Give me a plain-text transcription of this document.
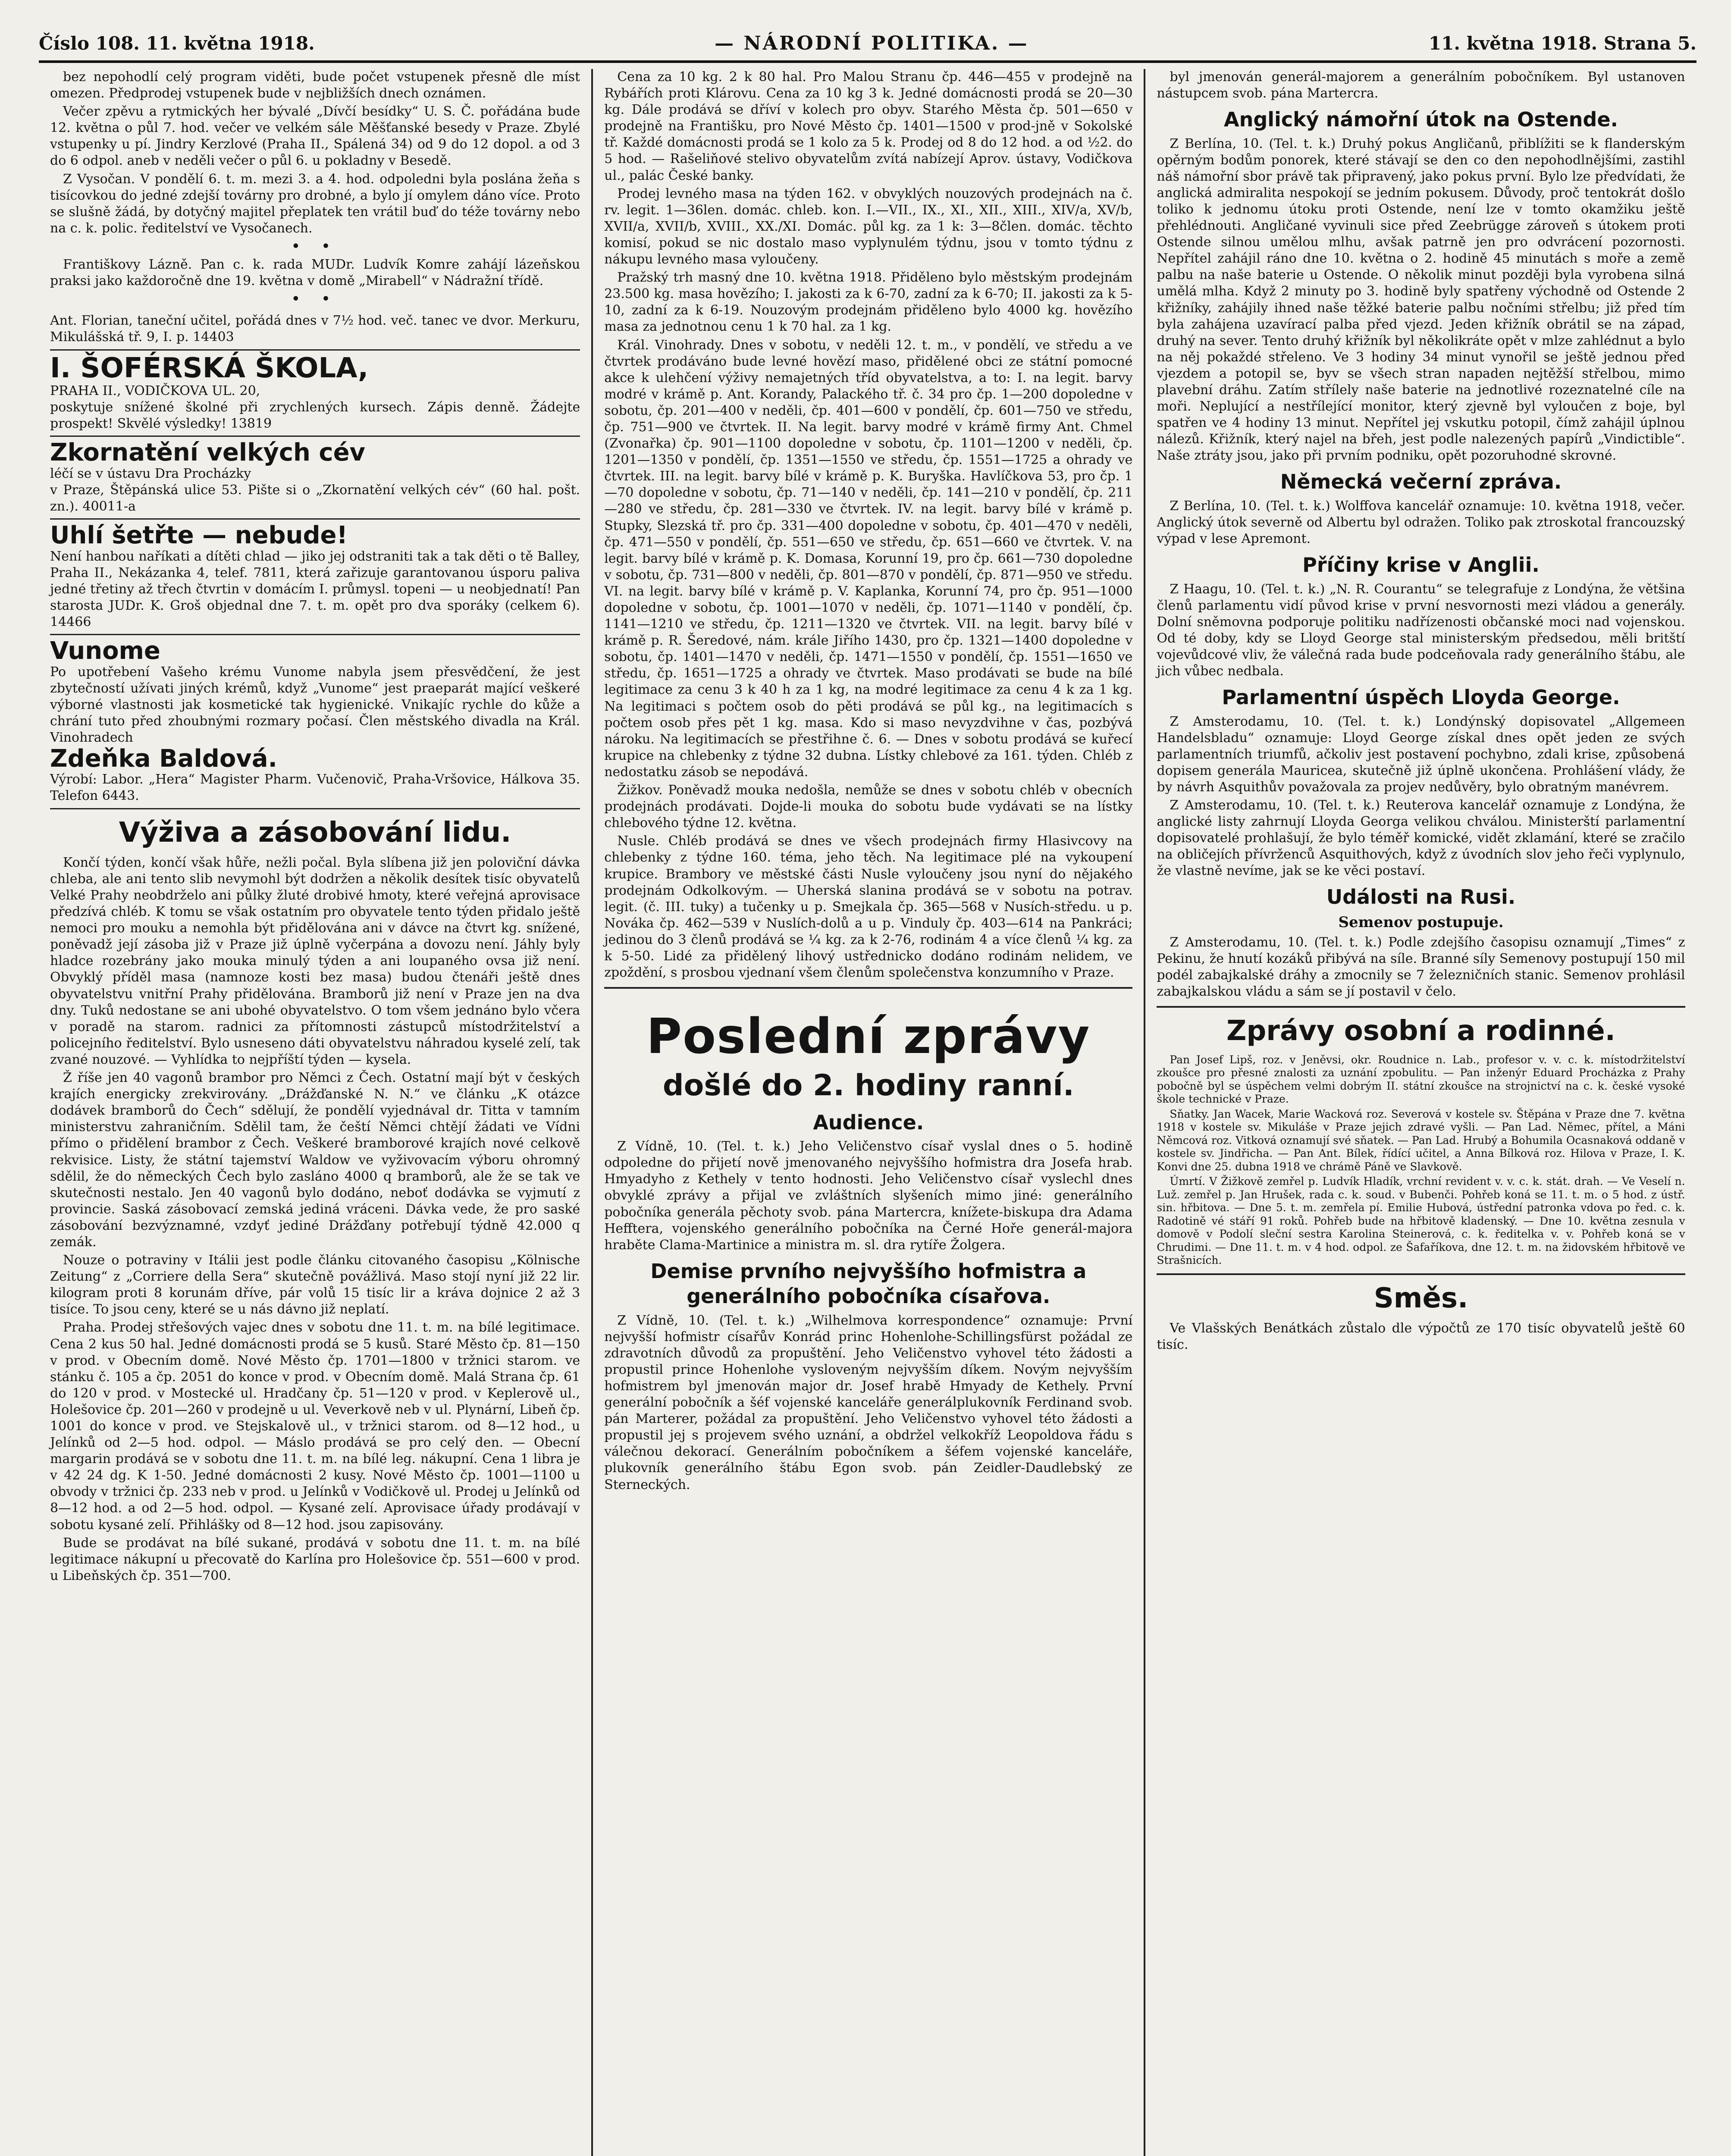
Číslo 108. 11. května 1918.	— NÁRODNÍ POLITIKA. —	11. května 1918. Strana 5.

bez nepohodlí celý program viděti, bude počet vstupenek přesně dle míst omezen. Předprodej vstupenek bude v nejbližších dnech oznámen.

Večer zpěvu a rytmických her bývalé „Dívčí besídky“ U. S. Č. pořádána bude 12. května o půl 7. hod. večer ve velkém sále Měšťanské besedy v Praze. Zbylé vstupenky u pí. Jindry Kerzlové (Praha II., Spálená 34) od 9 do 12 dopol. a od 3 do 6 odpol. aneb v neděli večer o půl 6. u pokladny v Besedě.

Z Vysočan. V pondělí 6. t. m. mezi 3. a 4. hod. odpoledni byla poslána žeňa s tisícovkou do jedné zdejší továrny pro drobné, a bylo jí omylem dáno více. Proto se slušně žádá, by dotyčný majitel přeplatek ten vrátil buď do téže továrny nebo na c. k. polic. ředitelství ve Vysočanech.

• •

Františkovy Lázně. Pan c. k. rada MUDr. Ludvík Komre zahájí lázeňskou praksi jako každoročně dne 19. května v domě „Mirabell“ v Nádražní třídě.

• •
Ant. Florian, taneční učitel, pořádá dnes v 7½ hod. več. tanec ve dvor. Merkuru, Mikulášská tř. 9, I. p. 14403
I. ŠOFÉRSKÁ ŠKOLA,
PRAHA II., VODIČKOVA UL. 20,
poskytuje snížené školné při zrychlených kursech. Zápis denně. Žádejte prospekt! Skvělé výsledky! 13819
Zkornatění velkých cév
léčí se v ústavu Dra Procházky
v Praze, Štěpánská ulice 53. Pište si o „Zkornatění velkých cév“ (60 hal. pošt. zn.). 40011-a
Uhlí šetřte — nebude!
Není hanbou naříkati a dítěti chlad — jiko jej odstraniti tak a tak děti o tě Balley, Praha II., Nekázanka 4, telef. 7811, která zařizuje garantovanou úsporu paliva jedné třetiny až třech čtvrtin v domácím I. průmysl. topeni — u neobjednatí! Pan starosta JUDr. K. Groš objednal dne 7. t. m. opět pro dva sporáky (celkem 6). 14466
Vunome
Po upotřebení Vašeho krému Vunome nabyla jsem přesvědčení, že jest zbytečností užívati jiných krémů, když „Vunome“ jest praeparát mající veškeré výborné vlastnosti jak kosmetické tak hygienické. Vnikajíc rychle do kůže a chrání tuto před zhoubnými rozmary počasí. Člen městského divadla na Král. Vinohradech
Zdeňka Baldová.
Výrobí: Labor. „Hera“ Magister Pharm. Vučenovič, Praha-Vršovice, Hálkova 35. Telefon 6443.
Výživa a zásobování lidu.

Končí týden, končí však hůře, nežli počal. Byla slíbena již jen poloviční dávka chleba, ale ani tento slib nevymohl být dodržen a několik desítek tisíc obyvatelů Velké Prahy neobdrželo ani půlky žluté drobivé hmoty, které veřejná aprovisace předzívá chléb. K tomu se však ostatním pro obyvatele tento týden přidalo ještě nemoci pro mouku a nemohla být přidělována ani v dávce na čtvrt kg. snížené, poněvadž její zásoba již v Praze již úplně vyčerpána a dovozu není. Jáhly byly hladce rozebrány jako mouka minulý týden a ani loupaného ovsa již není. Obvyklý příděl masa (namnoze kosti bez masa) budou čtenáři ještě dnes obyvatelstvu vnitřní Prahy přidělována. Bramborů již není v Praze jen na dva dny. Tuků nedostane se ani ubohé obyvatelstvo. O tom všem jednáno bylo včera v poradě na starom. radnici za přítomnosti zástupců místodržitelství a policejního ředitelství. Bylo usneseno dáti obyvatelstvu náhradou kyselé zelí, tak zvané nouzové. — Vyhlídka to nejpříští týden — kysela.

Ž říše jen 40 vagonů brambor pro Němci z Čech. Ostatní mají být v českých krajích energicky zrekvirovány. „Drážďanské N. N.“ ve článku „K otázce dodávek bramborů do Čech“ sdělují, že pondělí vyjednával dr. Titta v tamním ministerstvu zahraničním. Sdělil tam, že čeští Němci chtějí žádati ve Vídni přímo o přidělení brambor z Čech. Veškeré bramborové krajích nové celkově rekvisice. Listy, že státní tajemství Waldow ve vyživovacím výboru ohromný sdělil, že do německých Čech bylo zasláno 4000 q bramborů, ale že se tak ve skutečnosti nestalo. Jen 40 vagonů bylo dodáno, neboť dodávka se vyjmutí z provincie. Saská zásobovací zemská jediná vráceni. Dávka vede, že pro saské zásobování bezvýznamné, vzdyť jediné Drážďany potřebují týdně 42.000 q zemák.

Nouze o potraviny v Itálii jest podle článku citovaného časopisu „Kölnische Zeitung“ z „Corriere della Sera“ skutečně povážlivá. Maso stojí nyní již 22 lir. kilogram proti 8 korunám dříve, pár volů 15 tisíc lir a kráva dojnice 2 až 3 tisíce. To jsou ceny, které se u nás dávno již neplatí.

Praha. Prodej střešových vajec dnes v sobotu dne 11. t. m. na bílé legitimace. Cena 2 kus 50 hal. Jedné domácnosti prodá se 5 kusů. Staré Město čp. 81—150 v prod. v Obecním domě. Nové Město čp. 1701—1800 v tržnici starom. ve stánku č. 105 a čp. 2051 do konce v prod. v Obecním domě. Malá Strana čp. 61 do 120 v prod. v Mostecké ul. Hradčany čp. 51—120 v prod. v Keplerově ul., Holešovice čp. 201—260 v prodejně u ul. Veverkově neb v ul. Plynární, Libeň čp. 1001 do konce v prod. ve Stejskalově ul., v tržnici starom. od 8—12 hod., u Jelínků od 2—5 hod. odpol. — Máslo prodává se pro celý den. — Obecní margarin prodává se v sobotu dne 11. t. m. na bílé leg. nákupní. Cena 1 libra je v 42 24 dg. K 1-50. Jedné domácnosti 2 kusy. Nové Město čp. 1001—1100 u obvody v tržnici čp. 233 neb v prod. u Jelínků v Vodičkově ul. Prodej u Jelínků od 8—12 hod. a od 2—5 hod. odpol. — Kysané zelí. Aprovisace úřady prodávají v sobotu kysané zelí. Přihlášky od 8—12 hod. jsou zapisovány.

Bude se prodávat na bílé sukané, prodává v sobotu dne 11. t. m. na bílé legitimace nákupní u přecovatě do Karlína pro Holešovice čp. 551—600 v prod. u Libeňských čp. 351—700.

Cena za 10 kg. 2 k 80 hal. Pro Malou Stranu čp. 446—455 v prodejně na Rybářích proti Klárovu. Cena za 10 kg 3 k. Jedné domácnosti prodá se 20—30 kg. Dále prodává se dříví v kolech pro obyv. Starého Města čp. 501—650 v prodejně na Františku, pro Nové Město čp. 1401—1500 v prod-jně v Sokolské tř. Každé domácnosti prodá se 1 kolo za 5 k. Prodej od 8 do 12 hod. a od ½2. do 5 hod. — Rašeliňové stelivo obyvatelům zvítá nabízejí Aprov. ústavy, Vodičkova ul., palác České banky.

Prodej levného masa na týden 162. v obvyklých nouzových prodejnách na č. rv. legit. 1—36len. domác. chleb. kon. I.—VII., IX., XI., XII., XIII., XIV/a, XV/b, XVII/a, XVII/b, XVIII., XX./XI. Domác. půl kg. za 1 k: 3—8člen. domác. těchto komisí, pokud se nic dostalo maso vyplynulém týdnu, jsou v tomto týdnu z nákupu levného masa vyloučeny.

Pražský trh masný dne 10. května 1918. Přiděleno bylo městským prodejnám 23.500 kg. masa hovězího; I. jakosti za k 6-70, zadní za k 6-70; II. jakosti za k 5-10, zadní za k 6-19. Nouzovým prodejnám přiděleno bylo 4000 kg. hovězího masa za jednotnou cenu 1 k 70 hal. za 1 kg.

Král. Vinohrady. Dnes v sobotu, v neděli 12. t. m., v pondělí, ve středu a ve čtvrtek prodáváno bude levné hovězí maso, přidělené obci ze státní pomocné akce k ulehčení výživy nemajetných tříd obyvatelstva, a to: I. na legit. barvy modré v krámě p. Ant. Korandy, Palackého tř. č. 34 pro čp. 1—200 dopoledne v sobotu, čp. 201—400 v neděli, čp. 401—600 v pondělí, čp. 601—750 ve středu, čp. 751—900 ve čtvrtek. II. Na legit. barvy modré v krámě firmy Ant. Chmel (Zvonařka) čp. 901—1100 dopoledne v sobotu, čp. 1101—1200 v neděli, čp. 1201—1350 v pondělí, čp. 1351—1550 ve středu, čp. 1551—1725 a ohrady ve čtvrtek. III. na legit. barvy bílé v krámě p. K. Buryška. Havlíčkova 53, pro čp. 1—70 dopoledne v sobotu, čp. 71—140 v neděli, čp. 141—210 v pondělí, čp. 211—280 ve středu, čp. 281—330 ve čtvrtek. IV. na legit. barvy bílé v krámě p. Stupky, Slezská tř. pro čp. 331—400 dopoledne v sobotu, čp. 401—470 v neděli, čp. 471—550 v pondělí, čp. 551—650 ve středu, čp. 651—660 ve čtvrtek. V. na legit. barvy bílé v krámě p. K. Domasa, Korunní 19, pro čp. 661—730 dopoledne v sobotu, čp. 731—800 v neděli, čp. 801—870 v pondělí, čp. 871—950 ve středu. VI. na legit. barvy bílé v krámě p. V. Kaplanka, Korunní 74, pro čp. 951—1000 dopoledne v sobotu, čp. 1001—1070 v neděli, čp. 1071—1140 v pondělí, čp. 1141—1210 ve středu, čp. 1211—1320 ve čtvrtek. VII. na legit. barvy bílé v krámě p. R. Šeredové, nám. krále Jiřího 1430, pro čp. 1321—1400 dopoledne v sobotu, čp. 1401—1470 v neděli, čp. 1471—1550 v pondělí, čp. 1551—1650 ve středu, čp. 1651—1725 a ohrady ve čtvrtek. Maso prodávati se bude na bílé legitimace za cenu 3 k 40 h za 1 kg, na modré legitimace za cenu 4 k za 1 kg. Na legitimaci s počtem osob do pěti prodává se půl kg., na legitimacích s počtem osob přes pět 1 kg. masa. Kdo si maso nevyzdvihne v čas, pozbývá nároku. Na legitimacích se přestřihne č. 6. — Dnes v sobotu prodává se kuřecí krupice na chlebenky z týdne 32 dubna. Lístky chlebové za 161. týden. Chléb z nedostatku zásob se nepodává.

Žižkov. Poněvadž mouka nedošla, nemůže se dnes v sobotu chléb v obecních prodejnách prodávati. Dojde-li mouka do sobotu bude vydávati se na lístky chlebového týdne 12. května.

Nusle. Chléb prodává se dnes ve všech prodejnách firmy Hlasivcovy na chlebenky z týdne 160. téma, jeho těch. Na legitimace plé na vykoupení krupice. Brambory ve městské části Nusle vyloučeny jsou nyní do nějakého prodejnám Odkolkovým. — Uherská slanina prodává se v sobotu na potrav. legit. (č. III. tuky) a tučenky u p. Smejkala čp. 365—568 v Nusích-středu. u p. Nováka čp. 462—539 v Nuslích-dolů a u p. Vinduly čp. 403—614 na Pankráci; jedinou do 3 členů prodává se ¼ kg. za k 2-76, rodinám 4 a více členů ¼ kg. za k 5-50. Lidé za přidělený lihový ustřednicko dodáno rodinám nelidem, ve zpoždění, s prosbou vjednaní všem členům společenstva konzumního v Praze.

Poslední zprávy
došlé do 2. hodiny ranní.
Audience.

Z Vídně, 10. (Tel. t. k.) Jeho Veličenstvo císař vyslal dnes o 5. hodině odpoledne do přijetí nově jmenovaného nejvyššího hofmistra dra Josefa hrab. Hmyadyho z Kethely v tento hodnosti. Jeho Veličenstvo císař vyslechl dnes obvyklé zprávy a přijal ve zvláštních slyšeních mimo jiné: generálního pobočníka generála pěchoty svob. pána Martercra, knížete-biskupa dra Adama Hefftera, vojenského generálního pobočníka na Černé Hoře generál-majora hraběte Clama-Martinice a ministra m. sl. dra rytíře Žolgera.

Demise prvního nejvyššího hofmistra a generálního pobočníka císařova.

Z Vídně, 10. (Tel. t. k.) „Wilhelmova korrespondence“ oznamuje: První nejvyšší hofmistr císařův Konrád princ Hohenlohe-Schillingsfürst požádal ze zdravotních důvodů za propuštění. Jeho Veličenstvo vyhovel této žádosti a propustil prince Hohenlohe vysloveným nejvyšším díkem. Novým nejvyšším hofmistrem byl jmenován major dr. Josef hrabě Hmyady de Kethely. První generální pobočník a šéf vojenské kanceláře generálplukovník Ferdinand svob. pán Marterer, požádal za propuštění. Jeho Veličenstvo vyhovel této žádosti a propustil jej s projevem svého uznání, a obdržel velkokříž Leopoldova řádu s válečnou dekorací. Generálním pobočníkem a šéfem vojenské kanceláře, plukovník generálního štábu Egon svob. pán Zeidler-Daudlebský ze Sterneckých.

byl jmenován generál-majorem a generálním pobočníkem. Byl ustanoven nástupcem svob. pána Martercra.

Anglický námořní útok na Ostende.

Z Berlína, 10. (Tel. t. k.) Druhý pokus Angličanů, přiblížiti se k flanderským opěrným bodům ponorek, které stávají se den co den nepohodlnějšími, zastihl náš námořní sbor právě tak připravený, jako pokus první. Bylo lze předvídati, že anglická admiralita nespokojí se jedním pokusem. Důvody, proč tentokrát došlo toliko k jednomu útoku proti Ostende, není lze v tomto okamžiku ještě přehlédnouti. Angličané vyvinuli sice před Zeebrügge zároveň s útokem proti Ostende silnou umělou mlhu, avšak patrně jen pro odvrácení pozornosti. Nepřítel zahájil ráno dne 10. května o 2. hodině 45 minutách s moře a země palbu na naše baterie u Ostende. O několik minut později byla vyrobena silná umělá mlha. Když 2 minuty po 3. hodině byly spatřeny východně od Ostende 2 křižníky, zahájily ihned naše těžké baterie palbu nočními střelbu; již před tím byla zahájena uzavírací palba před vjezd. Jeden křižník obrátil se na západ, druhý na sever. Tento druhý křižník byl několikráte opět v mlze zahlédnut a bylo na něj pokaždé střeleno. Ve 3 hodiny 34 minut vynořil se ještě jednou před vjezdem a potopil se, byv se všech stran napaden nejtěžší střelbou, mimo plavební dráhu. Zatím střílely naše baterie na jednotlivé rozeznatelné cíle na moři. Neplující a nestřílející monitor, který zjevně byl vyloučen z boje, byl spatřen ve 4 hodiny 13 minut. Nepřítel jej vskutku potopil, čímž zahájil úplnou nálezů. Křižník, který najel na břeh, jest podle nalezených papírů „Vindictible“. Naše ztráty jsou, jako při prvním podniku, opět pozoruhodné skrovné.

Německá večerní zpráva.

Z Berlína, 10. (Tel. t. k.) Wolffova kancelář oznamuje: 10. května 1918, večer. Anglický útok severně od Albertu byl odražen. Toliko pak ztroskotal francouzský výpad v lese Apremont.

Příčiny krise v Anglii.

Z Haagu, 10. (Tel. t. k.) „N. R. Courantu“ se telegrafuje z Londýna, že většina členů parlamentu vidí původ krise v první nesvornosti mezi vládou a generály. Dolní sněmovna podporuje politiku nadřízenosti občanské moci nad vojenskou. Od té doby, kdy se Lloyd George stal ministerským předsedou, měli britští vojevůdcové vliv, že válečná rada bude podceňovala rady generálního štábu, ale jich vůbec nedbala.

Parlamentní úspěch Lloyda George.

Z Amsterodamu, 10. (Tel. t. k.) Londýnský dopisovatel „Allgemeen Handelsbladu“ oznamuje: Lloyd George získal dnes opět jeden ze svých parlamentních triumfů, ačkoliv jest postavení pochybno, zdali krise, způsobená dopisem generála Mauricea, skutečně již úplně ukončena. Prohlášení vlády, že by návrh Asquithův považovala za projev nedůvěry, bylo obratným manévrem.

Z Amsterodamu, 10. (Tel. t. k.) Reuterova kancelář oznamuje z Londýna, že anglické listy zahrnují Lloyda Georga velikou chválou. Ministerští parlamentní dopisovatelé prohlašují, že bylo téměř komické, vidět zklamání, které se zračilo na obličejích přívrženců Asquithových, když z úvodních slov jeho řeči vyplynulo, že vlastně nevíme, jak se ke věci postaví.

Události na Rusi.
Semenov postupuje.

Z Amsterodamu, 10. (Tel. t. k.) Podle zdejšího časopisu oznamují „Times“ z Pekinu, že hnutí kozáků přibývá na síle. Branné síly Semenovy postupují 150 mil podél zabajkalské dráhy a zmocnily se 7 železničních stanic. Semenov prohlásil zabajkalskou vládu a sám se jí postavil v čelo.

Zprávy osobní a rodinné.

Pan Josef Lipš, roz. v Jeněvsi, okr. Roudnice n. Lab., profesor v. v. c. k. místodržitelství zkoušce pro přesné znalosti za uznání zpobulitu. — Pan inženýr Eduard Procházka z Prahy pobočně byl se úspěchem velmi dobrým II. státní zkoušce na strojnictví na c. k. české vysoké škole technické v Praze.

Sňatky. Jan Wacek, Marie Wacková roz. Severová v kostele sv. Štěpána v Praze dne 7. května 1918 v kostele sv. Mikuláše v Praze jejich zdravé vyšli. — Pan Lad. Němec, přítel, a Máni Němcová roz. Vitková oznamují své sňatek. — Pan Lad. Hrubý a Bohumila Ocasnaková oddaně v kostele sv. Jindřicha. — Pan Ant. Bílek, řídící učitel, a Anna Bílková roz. Hilova v Praze, I. K. Konvi dne 25. dubna 1918 ve chrámě Páně ve Slavkově.

Úmrtí. V Žižkově zemřel p. Ludvík Hladík, vrchní revident v. v. c. k. stát. drah. — Ve Veselí n. Luž. zemřel p. Jan Hrušek, rada c. k. soud. v Bubenči. Pohřeb koná se 11. t. m. o 5 hod. z ústř. sin. hřbitova. — Dne 5. t. m. zemřela pí. Emilie Hubová, ústřední patronka vdova po řed. c. k. Radotině vé stáří 91 roků. Pohřeb bude na hřbitově kladenský. — Dne 10. května zesnula v domově v Podolí sleční sestra Karolina Steinerová, c. k. ředitelka v. v. Pohřeb koná se v Chrudimi. — Dne 11. t. m. v 4 hod. odpol. ze Šafaříkova, dne 12. t. m. na židovském hřbitově ve Strašnicích.

Směs.

Ve Vlašských Benátkách zůstalo dle výpočtů ze 170 tisíc obyvatelů ještě 60 tisíc.
